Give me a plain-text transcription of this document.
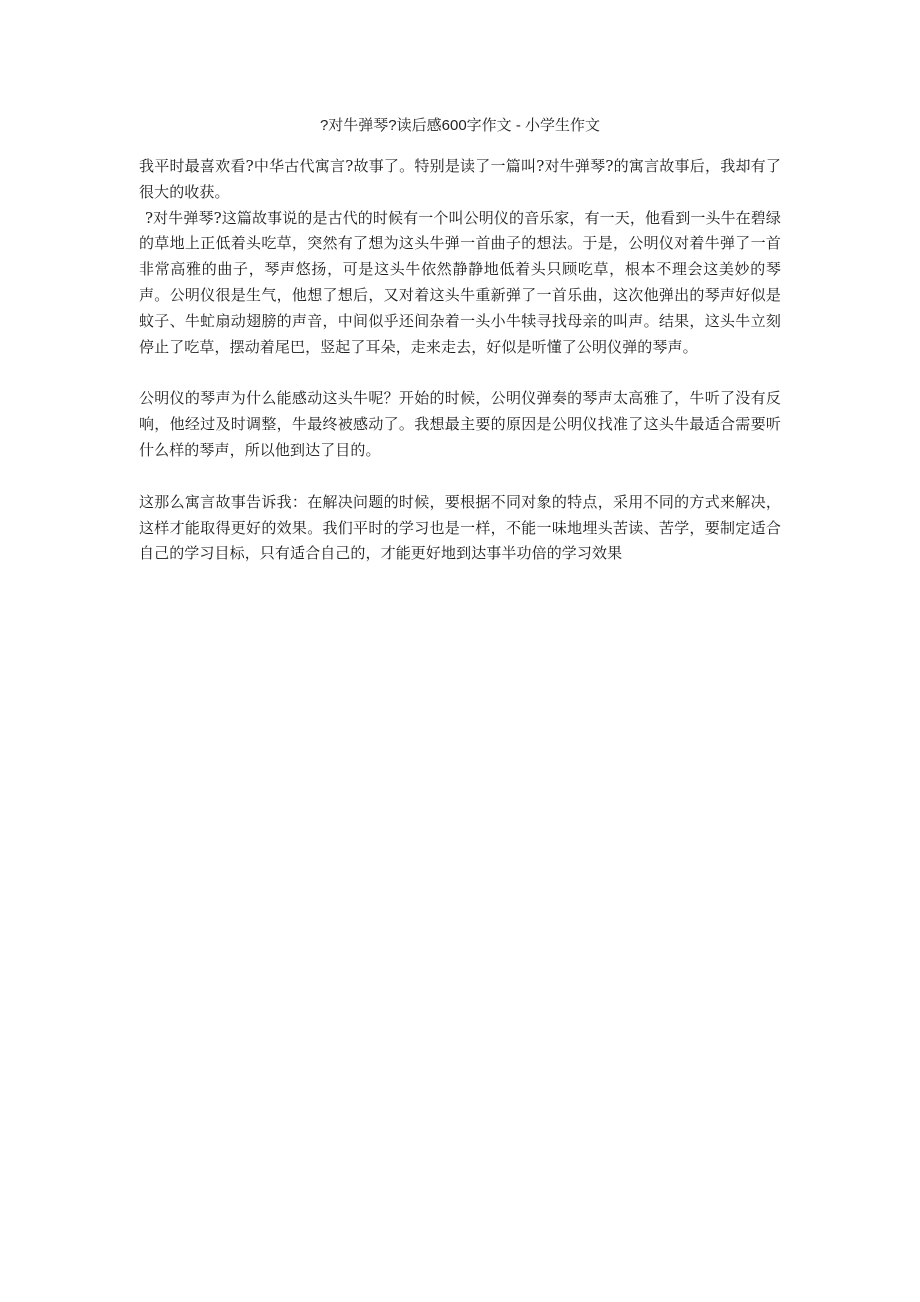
?对牛弹琴?读后感600字作文 - 小学生作文

我平时最喜欢看?中华古代寓言?故事了。特别是读了一篇叫?对牛弹琴?的寓言故事后，我却有了很大的收获。

?对牛弹琴?这篇故事说的是古代的时候有一个叫公明仪的音乐家，有一天，他看到一头牛在碧绿的草地上正低着头吃草，突然有了想为这头牛弹一首曲子的想法。于是，公明仪对着牛弹了一首非常高雅的曲子，琴声悠扬，可是这头牛依然静静地低着头只顾吃草，根本不理会这美妙的琴声。公明仪很是生气，他想了想后，又对着这头牛重新弹了一首乐曲，这次他弹出的琴声好似是蚊子、牛虻扇动翅膀的声音，中间似乎还间杂着一头小牛犊寻找母亲的叫声。结果，这头牛立刻停止了吃草，摆动着尾巴，竖起了耳朵，走来走去，好似是听懂了公明仪弹的琴声。

公明仪的琴声为什么能感动这头牛呢？开始的时候，公明仪弹奏的琴声太高雅了，牛听了没有反响，他经过及时调整，牛最终被感动了。我想最主要的原因是公明仪找准了这头牛最适合需要听什么样的琴声，所以他到达了目的。

这那么寓言故事告诉我：在解决问题的时候，要根据不同对象的特点，采用不同的方式来解决，这样才能取得更好的效果。我们平时的学习也是一样，不能一味地埋头苦读、苦学，要制定适合自己的学习目标，只有适合自己的，才能更好地到达事半功倍的学习效果
